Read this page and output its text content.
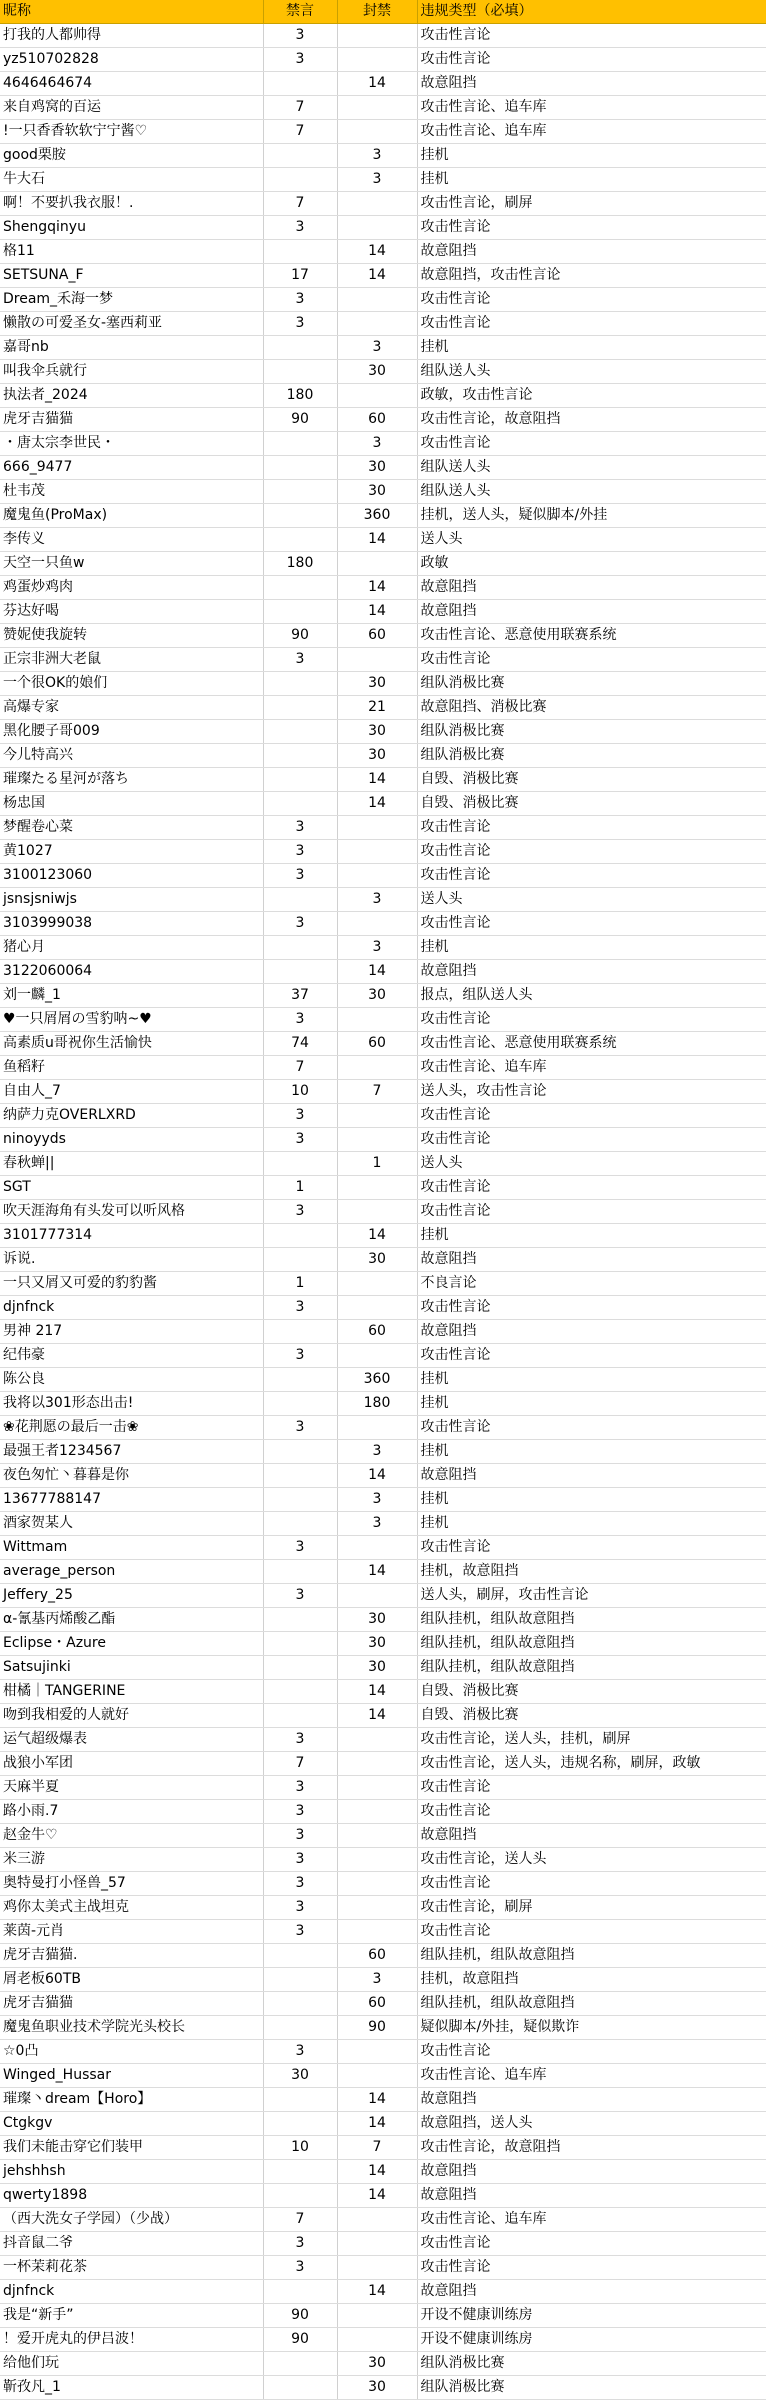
昵称	禁言	封禁	违规类型（必填）
打我的人都帅得	3		攻击性言论
yz510702828	3		攻击性言论
4646464674		14	故意阻挡
来自鸡窝的百运	7		攻击性言论、追车库
!一只香香软软宁宁酱♡	7		攻击性言论、追车库
good栗胺		3	挂机
牛大石		3	挂机
啊！不要扒我衣服！.	7		攻击性言论，刷屏
Shengqinyu	3		攻击性言论
格11		14	故意阻挡
SETSUNA_F	17	14	故意阻挡，攻击性言论
Dream_禾海一梦	3		攻击性言论
懒散の可爱圣女-塞西莉亚	3		攻击性言论
嘉哥nb		3	挂机
叫我伞兵就行		30	组队送人头
执法者_2024	180		政敏，攻击性言论
虎牙吉猫猫	90	60	攻击性言论，故意阻挡
・唐太宗李世民・		3	攻击性言论
666_9477		30	组队送人头
杜韦茂		30	组队送人头
魔鬼鱼(ProMax)		360	挂机，送人头，疑似脚本/外挂
李传义		14	送人头
天空一只鱼w	180		政敏
鸡蛋炒鸡肉		14	故意阻挡
芬达好喝		14	故意阻挡
赞妮使我旋转	90	60	攻击性言论、恶意使用联赛系统
正宗非洲大老鼠	3		攻击性言论
一个很OK的娘们		30	组队消极比赛
高爆专家		21	故意阻挡、消极比赛
黑化腰子哥009		30	组队消极比赛
今儿特高兴		30	组队消极比赛
璀璨たる星河が落ち		14	自毁、消极比赛
杨忠国		14	自毁、消极比赛
梦醒卷心菜	3		攻击性言论
黄1027	3		攻击性言论
3100123060	3		攻击性言论
jsnsjsniwjs		3	送人头
3103999038	3		攻击性言论
猪心月		3	挂机
3122060064		14	故意阻挡
刘一麟_1	37	30	报点，组队送人头
♥一只屑屑の雪豹呐~♥	3		攻击性言论
高素质u哥祝你生活愉快	74	60	攻击性言论、恶意使用联赛系统
鱼稻籽	7		攻击性言论、追车库
自由人_7	10	7	送人头，攻击性言论
纳萨力克OVERLXRD	3		攻击性言论
ninoyyds	3		攻击性言论
春秋蝉||		1	送人头
SGT	1		攻击性言论
吹天涯海角有头发可以听风格	3		攻击性言论
3101777314		14	挂机
诉说.		30	故意阻挡
一只又屑又可爱的豹豹酱	1		不良言论
djnfnck	3		攻击性言论
男神 217		60	故意阻挡
纪伟豪	3		攻击性言论
陈公良		360	挂机
我将以301形态出击!		180	挂机
❀花荆愿の最后一击❀	3		攻击性言论
最强王者1234567		3	挂机
夜色匆忙丶暮暮是你		14	故意阻挡
13677788147		3	挂机
酒家贺某人		3	挂机
Wittmam	3		攻击性言论
average_person		14	挂机，故意阻挡
Jeffery_25	3		送人头，刷屏，攻击性言论
α-氰基丙烯酸乙酯		30	组队挂机，组队故意阻挡
Eclipse・Azure		30	组队挂机，组队故意阻挡
Satsujinki		30	组队挂机，组队故意阻挡
柑橘｜TANGERINE		14	自毁、消极比赛
吻到我相爱的人就好		14	自毁、消极比赛
运气超级爆表	3		攻击性言论，送人头，挂机，刷屏
战狼小军团	7		攻击性言论，送人头，违规名称，刷屏，政敏
天麻半夏	3		攻击性言论
路小雨.7	3		攻击性言论
赵金牛♡	3		故意阻挡
米三游	3		攻击性言论，送人头
奥特曼打小怪兽_57	3		攻击性言论
鸡你太美式主战坦克	3		攻击性言论，刷屏
莱茵-元肖	3		攻击性言论
虎牙吉猫猫.		60	组队挂机，组队故意阻挡
屑老板60TB		3	挂机，故意阻挡
虎牙吉猫猫		60	组队挂机，组队故意阻挡
魔鬼鱼职业技术学院光头校长		90	疑似脚本/外挂，疑似欺诈
☆0凸	3		攻击性言论
Winged_Hussar	30		攻击性言论、追车库
璀璨丶dream【Horo】		14	故意阻挡
Ctgkgv		14	故意阻挡，送人头
我们未能击穿它们装甲	10	7	攻击性言论，故意阻挡
jehshhsh		14	故意阻挡
qwerty1898		14	故意阻挡
（西大洗女子学园）（少战）	7		攻击性言论、追车库
抖音鼠二爷	3		攻击性言论
一杯茉莉花茶	3		攻击性言论
djnfnck		14	故意阻挡
我是“新手”	90		开设不健康训练房
！爱开虎丸的伊吕波！	90		开设不健康训练房
给他们玩		30	组队消极比赛
靳孜凡_1		30	组队消极比赛
